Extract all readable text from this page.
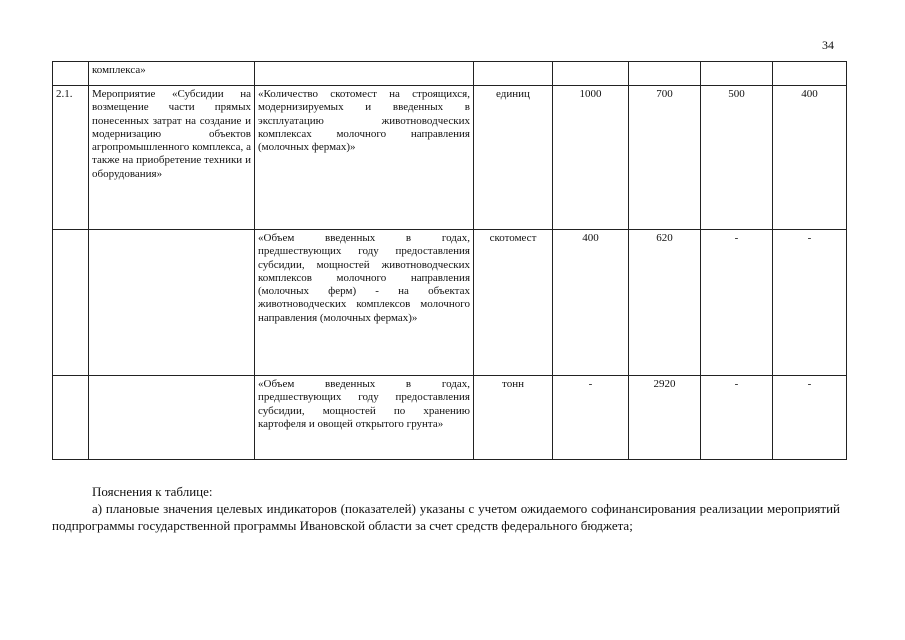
34
	комплекса»						
2.1.	Мероприятие «Субсидии на возмещение части прямых понесенных затрат на создание и модернизацию объектов агропромышленного комплекса, а также на приобретение техники и оборудования»	«Количество скотомест на строящихся, модернизируемых и введенных в эксплуатацию животноводческих комплексах молочного направления (молочных фермах)»	единиц	1000	700	500	400
		«Объем введенных в годах, предшествующих году предоставления субсидии, мощностей животноводческих комплексов молочного направления (молочных ферм) - на объектах животноводческих комплексов молочного направления (молочных фермах)»	скотомест	400	620	-	-
		«Объем введенных в годах, предшествующих году предоставления субсидии, мощностей по хранению картофеля и овощей открытого грунта»	тонн	-	2920	-	-

Пояснения к таблице:

а) плановые значения целевых индикаторов (показателей) указаны с учетом ожидаемого софинансирования реализации мероприятий подпрограммы государственной программы Ивановской области за счет средств федерального бюджета;
